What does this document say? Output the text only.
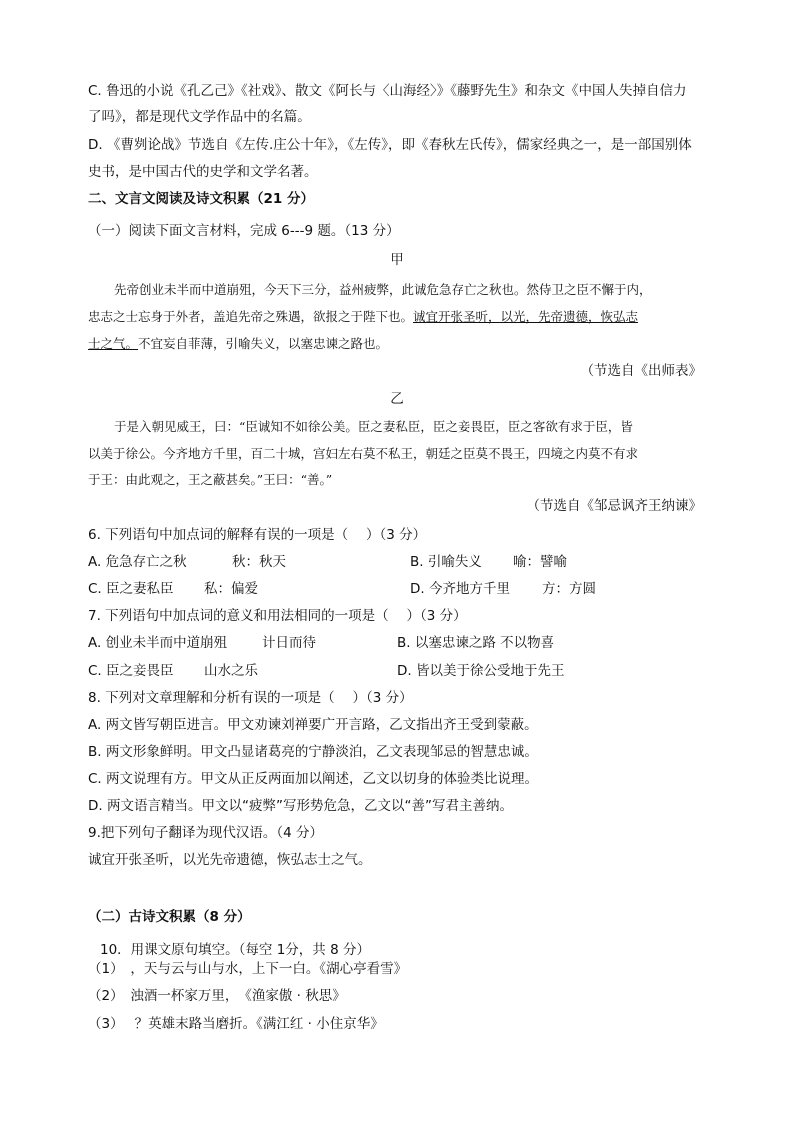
C. 鲁迅的小说《孔乙己》《社戏》、散文《阿长与〈山海经〉》《藤野先生》和杂文《中国人失掉自信力
了吗》，都是现代文学作品中的名篇。
D. 《曹刿论战》节选自《左传.庄公十年》，《左传》，即《春秋左氏传》，儒家经典之一，是一部国别体
史书，是中国古代的史学和文学名著。
二、文言文阅读及诗文积累（21 分）
（一）阅读下面文言材料，完成 6---9 题。（13 分）
甲
先帝创业未半而中道崩殂，今天下三分，益州疲弊，此诚危急存亡之秋也。然侍卫之臣不懈于内，
忠志之士忘身于外者，盖追先帝之殊遇，欲报之于陛下也。诚宜开张圣听，以光，先帝遗德，恢弘志
士之气。不宜妄自菲薄，引喻失义，以塞忠谏之路也。
（节选自《出师表》
乙
于是入朝见威王，曰：“臣诚知不如徐公美。臣之妻私臣，臣之妾畏臣，臣之客欲有求于臣，皆
以美于徐公。今齐地方千里，百二十城，宫妇左右莫不私王，朝廷之臣莫不畏王，四境之内莫不有求
于王：由此观之，王之蔽甚矣。”王曰：“善。”
（节选自《邹忌讽齐王纳谏》
6. 下列语句中加点词的解释有误的一项是（　 ）（3 分）
A. 危急存亡之秋	秋：秋天	B. 引喻失义 喻：譬喻
C. 臣之妻私臣 私：偏爱	D. 今齐地方千里 方：方圆
7. 下列语句中加点词的意义和用法相同的一项是（　 ）（3 分）
A. 创业未半而中道崩殂	计日而待	B. 以塞忠谏之路 不以物喜
C. 臣之妾畏臣 山水之乐	D. 皆以美于徐公受地于先王
8. 下列对文章理解和分析有误的一项是（　 ）（3 分）
A. 两文皆写朝臣进言。甲文劝谏刘禅要广开言路，乙文指出齐王受到蒙蔽。
B. 两文形象鲜明。甲文凸显诸葛亮的宁静淡泊，乙文表现邹忌的智慧忠诚。
C. 两文说理有方。甲文从正反两面加以阐述，乙文以切身的体验类比说理。
D. 两文语言精当。甲文以“疲弊”写形势危急，乙文以“善”写君主善纳。
9.把下列句子翻译为现代汉语。（4 分）
诚宜开张圣听，以光先帝遗德，恢弘志士之气。
（二）古诗文积累（8 分）
10．用课文原句填空。（每空 1分，共 8 分）
（1）　，天与云与山与水，上下一白。《湖心亭看雪》
（2）　浊酒一杯家万里，　《渔家傲 · 秋思》
（3）　 ？英雄末路当磨折。《满江红 · 小住京华》
